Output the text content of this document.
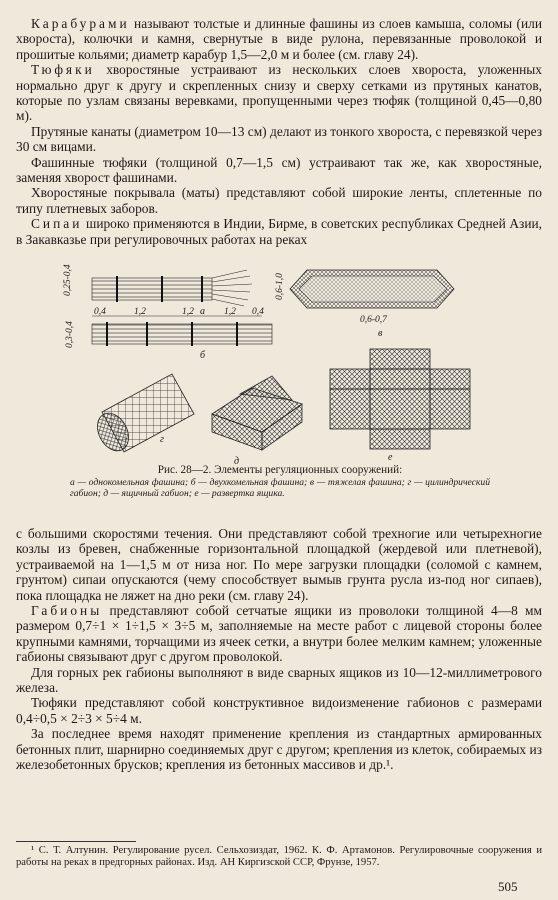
Карабурами называют толстые и длинные фашины из слоев камыша, соломы (или хвороста), колючки и камня, свернутые в виде рулона, перевязанные проволокой и прошитые кольями; диаметр карабур 1,5—2,0 м и более (см. главу 24).

Тюфяки хворостяные устраивают из нескольких слоев хвороста, уложенных нормально друг к другу и скрепленных снизу и сверху сетками из прутяных канатов, которые по узлам связаны веревками, пропущенными через тюфяк (толщиной 0,45—0,80 м).

Прутяные канаты (диаметром 10—13 см) делают из тонкого хвороста, с перевязкой через 30 см вицами.

Фашинные тюфяки (толщиной 0,7—1,5 см) устраивают так же, как хворостяные, заменяя хворост фашинами.

Хворостяные покрывала (маты) представляют собой широкие ленты, сплетенные по типу плетневых заборов.

Сипаи широко применяются в Индии, Бирме, в советских республиках Средней Азии, в Закавказье при регулировочных работах на реках

0,25-0,4
а
0,6-1,0
0,6-0,7
в
0,4	1,2	1,2	1,2 0,4
0,3-0,4
б
г
д	е
Рис. 28—2. Элементы регуляционных сооружений:
а — однокомельная фашина; б — двухкомельная фашина; в — тяжелая фашина; г — цилиндрический габион; д — ящичный габион; е — развертка ящика.

с большими скоростями течения. Они представляют собой трехногие или четырехногие козлы из бревен, снабженные горизонтальной площадкой (жердевой или плетневой), устраиваемой на 1—1,5 м от низа ног. По мере загрузки площадки (соломой с камнем, грунтом) сипаи опускаются (чему способствует вымыв грунта русла из-под ног сипаев), пока площадка не ляжет на дно реки (см. главу 24).

Габионы представляют собой сетчатые ящики из проволоки толщиной 4—8 мм размером 0,7÷1 × 1÷1,5 × 3÷5 м, заполняемые на месте работ с лицевой стороны более крупными камнями, торчащими из ячеек сетки, а внутри более мелким камнем; уложенные габионы связывают друг с другом проволокой.

Для горных рек габионы выполняют в виде сварных ящиков из 10—12-миллиметрового железа.

Тюфяки представляют собой конструктивное видоизменение габионов с размерами 0,4÷0,5 × 2÷3 × 5÷4 м.

За последнее время находят применение крепления из стандартных армированных бетонных плит, шарнирно соединяемых друг с другом; крепления из клеток, собираемых из железобетонных брусков; крепления из бетонных массивов и др.¹.

¹ С. Т. Алтунин. Регулирование русел. Сельхозиздат, 1962. К. Ф. Артамонов. Регулировочные сооружения и работы на реках в предгорных районах. Изд. АН Киргизской ССР, Фрунзе, 1957.
505
